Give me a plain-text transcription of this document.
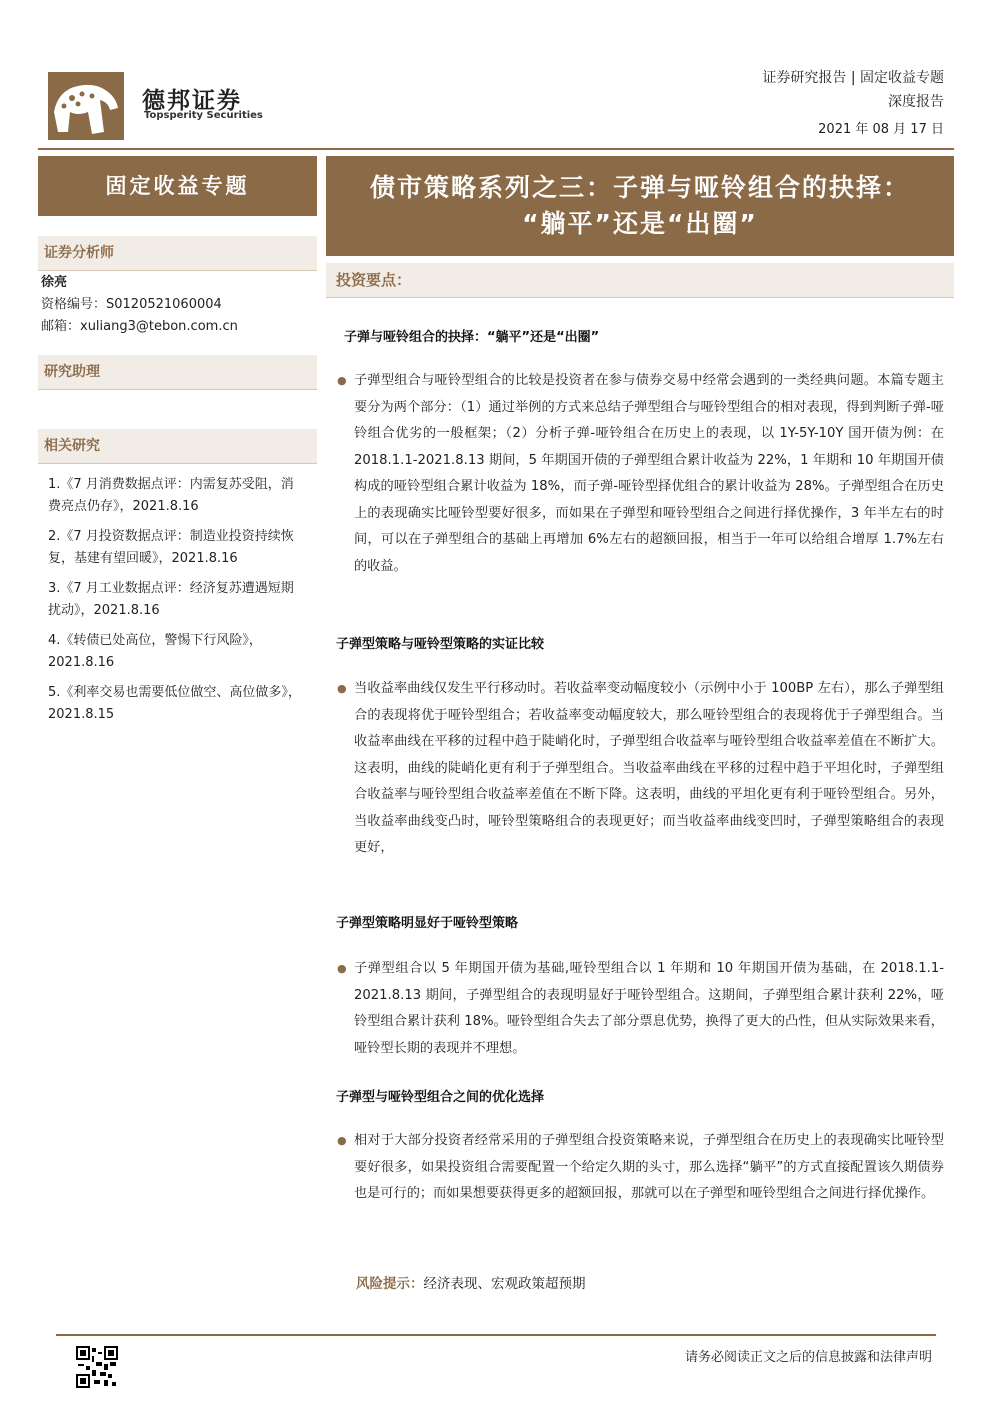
德邦证券
Topsperity Securities
证券研究报告 | 固定收益专题
深度报告
2021 年 08 月 17 日
固定收益专题
证券分析师
徐亮
资格编号：S0120521060004
邮箱：xuliang3@tebon.com.cn
研究助理
相关研究
1.《7 月消费数据点评：内需复苏受阻，消费亮点仍存》，2021.8.16
2.《7 月投资数据点评：制造业投资持续恢复，基建有望回暖》，2021.8.16
3.《7 月工业数据点评：经济复苏遭遇短期扰动》，2021.8.16
4.《转债已处高位，警惕下行风险》，2021.8.16
5.《利率交易也需要低位做空、高位做多》，2021.8.15
债市策略系列之三：子弹与哑铃组合的抉择：
“躺平”还是“出圈”
投资要点：
子弹与哑铃组合的抉择：“躺平”还是“出圈”
● 子弹型组合与哑铃型组合的比较是投资者在参与债券交易中经常会遇到的一类经典问题。本篇专题主要分为两个部分：（1）通过举例的方式来总结子弹型组合与哑铃型组合的相对表现，得到判断子弹-哑铃组合优劣的一般框架；（2）分析子弹-哑铃组合在历史上的表现，以 1Y-5Y-10Y 国开债为例：在 2018.1.1-2021.8.13 期间，5 年期国开债的子弹型组合累计收益为 22%，1 年期和 10 年期国开债构成的哑铃型组合累计收益为 18%，而子弹-哑铃型择优组合的累计收益为 28%。子弹型组合在历史上的表现确实比哑铃型要好很多，而如果在子弹型和哑铃型组合之间进行择优操作，3 年半左右的时间，可以在子弹型组合的基础上再增加 6%左右的超额回报，相当于一年可以给组合增厚 1.7%左右的收益。
子弹型策略与哑铃型策略的实证比较
● 当收益率曲线仅发生平行移动时。若收益率变动幅度较小（示例中小于 100BP 左右），那么子弹型组合的表现将优于哑铃型组合；若收益率变动幅度较大，那么哑铃型组合的表现将优于子弹型组合。当收益率曲线在平移的过程中趋于陡峭化时，子弹型组合收益率与哑铃型组合收益率差值在不断扩大。这表明，曲线的陡峭化更有利于子弹型组合。当收益率曲线在平移的过程中趋于平坦化时，子弹型组合收益率与哑铃型组合收益率差值在不断下降。这表明，曲线的平坦化更有利于哑铃型组合。另外，当收益率曲线变凸时，哑铃型策略组合的表现更好；而当收益率曲线变凹时，子弹型策略组合的表现更好，
子弹型策略明显好于哑铃型策略
● 子弹型组合以 5 年期国开债为基础,哑铃型组合以 1 年期和 10 年期国开债为基础，在 2018.1.1-2021.8.13 期间，子弹型组合的表现明显好于哑铃型组合。这期间，子弹型组合累计获利 22%，哑铃型组合累计获利 18%。哑铃型组合失去了部分票息优势，换得了更大的凸性，但从实际效果来看，哑铃型长期的表现并不理想。
子弹型与哑铃型组合之间的优化选择
● 相对于大部分投资者经常采用的子弹型组合投资策略来说，子弹型组合在历史上的表现确实比哑铃型要好很多，如果投资组合需要配置一个给定久期的头寸，那么选择“躺平”的方式直接配置该久期债券也是可行的；而如果想要获得更多的超额回报，那就可以在子弹型和哑铃型组合之间进行择优操作。
风险提示：经济表现、宏观政策超预期
请务必阅读正文之后的信息披露和法律声明
